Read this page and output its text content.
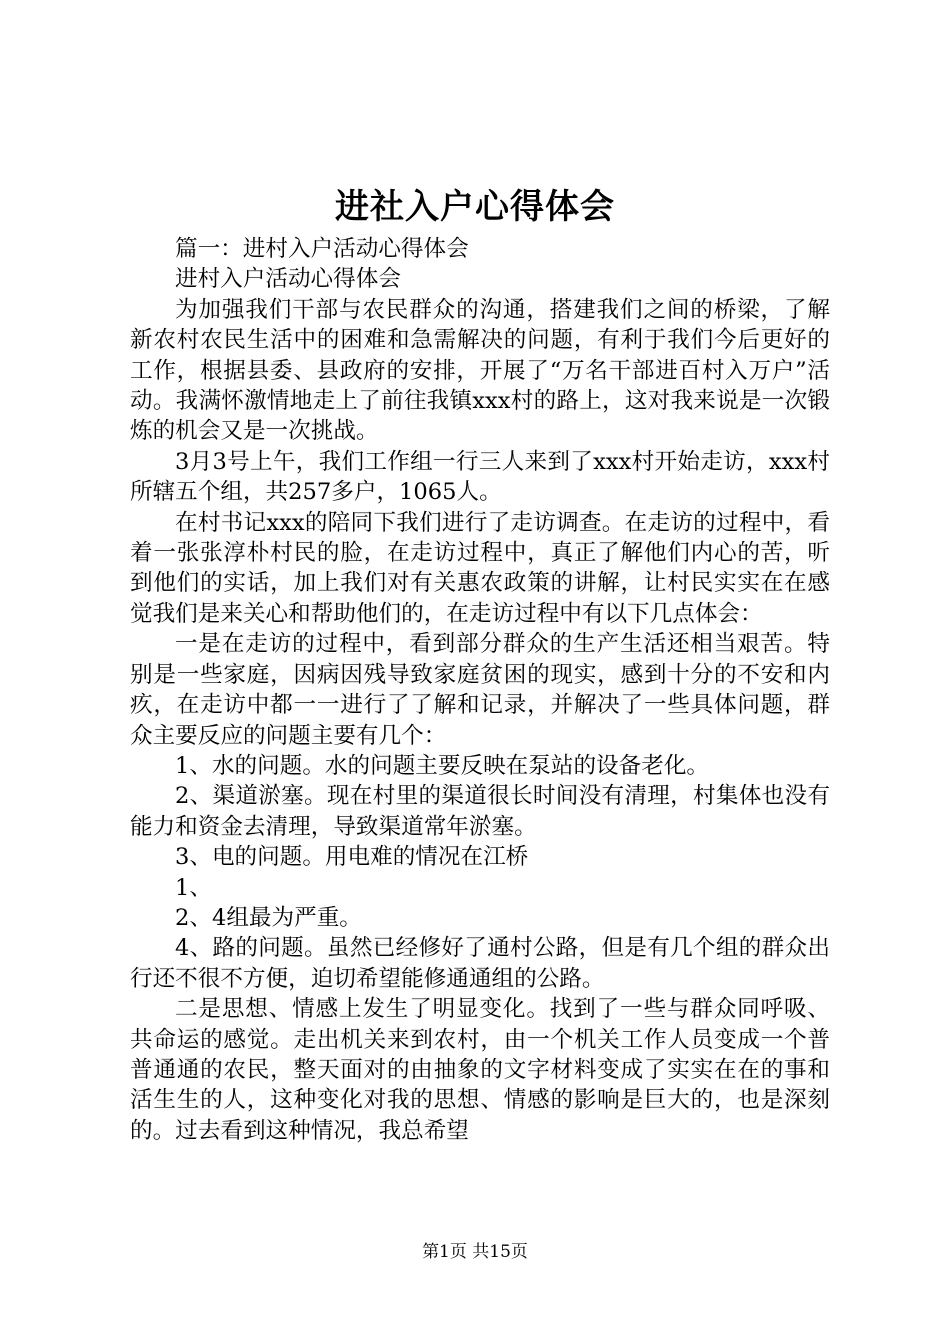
进社入户心得体会

篇一：进村入户活动心得体会

进村入户活动心得体会

为加强我们干部与农民群众的沟通，搭建我们之间的桥梁，了解新农村农民生活中的困难和急需解决的问题，有利于我们今后更好的工作，根据县委、县政府的安排，开展了“万名干部进百村入万户”活动。我满怀激情地走上了前往我镇xxx村的路上，这对我来说是一次锻炼的机会又是一次挑战。

3月3号上午，我们工作组一行三人来到了xxx村开始走访，xxx村所辖五个组，共257多户，1065人。

在村书记xxx的陪同下我们进行了走访调查。在走访的过程中，看着一张张淳朴村民的脸，在走访过程中，真正了解他们内心的苦，听到他们的实话，加上我们对有关惠农政策的讲解，让村民实实在在感觉我们是来关心和帮助他们的，在走访过程中有以下几点体会：

一是在走访的过程中，看到部分群众的生产生活还相当艰苦。特别是一些家庭，因病因残导致家庭贫困的现实，感到十分的不安和内疚，在走访中都一一进行了了解和记录，并解决了一些具体问题，群众主要反应的问题主要有几个：

1、水的问题。水的问题主要反映在泵站的设备老化。

2、渠道淤塞。现在村里的渠道很长时间没有清理，村集体也没有能力和资金去清理，导致渠道常年淤塞。

3、电的问题。用电难的情况在江桥

1、

2、4组最为严重。

4、路的问题。虽然已经修好了通村公路，但是有几个组的群众出行还不很不方便，迫切希望能修通通组的公路。

二是思想、情感上发生了明显变化。找到了一些与群众同呼吸、共命运的感觉。走出机关来到农村，由一个机关工作人员变成一个普普通通的农民，整天面对的由抽象的文字材料变成了实实在在的事和活生生的人，这种变化对我的思想、情感的影响是巨大的，也是深刻的。过去看到这种情况，我总希望

第1页 共15页
